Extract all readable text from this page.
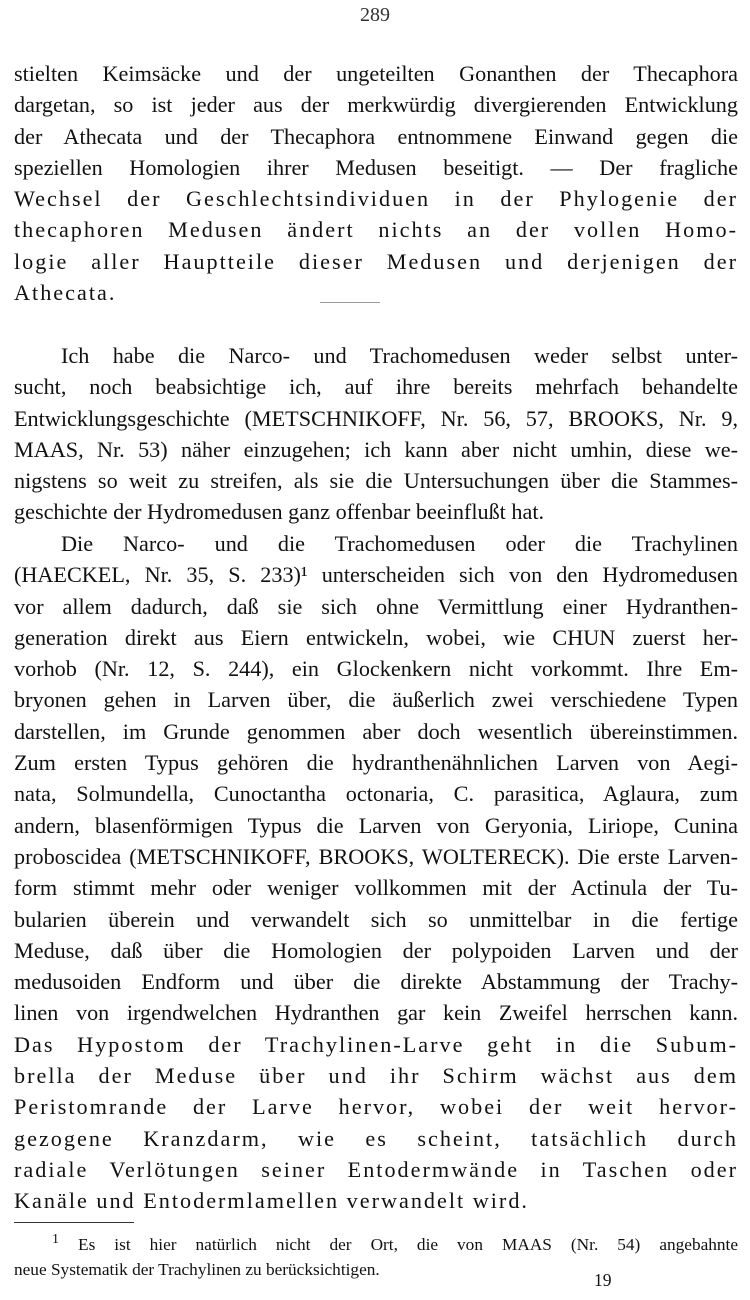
289
stielten Keimsäcke und der ungeteilten Gonanthen der Thecaphora
dargetan, so ist jeder aus der merkwürdig divergierenden Entwicklung
der Athecata und der Thecaphora entnommene Einwand gegen die
speziellen Homologien ihrer Medusen beseitigt. — Der fragliche
Wechsel der Geschlechtsindividuen in der Phylogenie der
thecaphoren Medusen ändert nichts an der vollen Homo-
logie aller Hauptteile dieser Medusen und derjenigen der
Athecata.
Ich habe die Narco- und Trachomedusen weder selbst unter-
sucht, noch beabsichtige ich, auf ihre bereits mehrfach behandelte
Entwicklungsgeschichte (METSCHNIKOFF, Nr. 56, 57, BROOKS, Nr. 9,
MAAS, Nr. 53) näher einzugehen; ich kann aber nicht umhin, diese we-
nigstens so weit zu streifen, als sie die Untersuchungen über die Stammes-
geschichte der Hydromedusen ganz offenbar beeinflußt hat.
Die Narco- und die Trachomedusen oder die Trachylinen
(HAECKEL, Nr. 35, S. 233)¹ unterscheiden sich von den Hydromedusen
vor allem dadurch, daß sie sich ohne Vermittlung einer Hydranthen-
generation direkt aus Eiern entwickeln, wobei, wie CHUN zuerst her-
vorhob (Nr. 12, S. 244), ein Glockenkern nicht vorkommt. Ihre Em-
bryonen gehen in Larven über, die äußerlich zwei verschiedene Typen
darstellen, im Grunde genommen aber doch wesentlich übereinstimmen.
Zum ersten Typus gehören die hydranthenähnlichen Larven von Aegi-
nata, Solmundella, Cunoctantha octonaria, C. parasitica, Aglaura, zum
andern, blasenförmigen Typus die Larven von Geryonia, Liriope, Cunina
proboscidea (METSCHNIKOFF, BROOKS, WOLTERECK). Die erste Larven-
form stimmt mehr oder weniger vollkommen mit der Actinula der Tu-
bularien überein und verwandelt sich so unmittelbar in die fertige
Meduse, daß über die Homologien der polypoiden Larven und der
medusoiden Endform und über die direkte Abstammung der Trachy-
linen von irgendwelchen Hydranthen gar kein Zweifel herrschen kann.
Das Hypostom der Trachylinen-Larve geht in die Subum-
brella der Meduse über und ihr Schirm wächst aus dem
Peristomrande der Larve hervor, wobei der weit hervor-
gezogene Kranzdarm, wie es scheint, tatsächlich durch
radiale Verlötungen seiner Entodermwände in Taschen oder
Kanäle und Entodermlamellen verwandelt wird.
$^1$ Es ist hier natürlich nicht der Ort, die von MAAS (Nr. 54) angebahnte
neue Systematik der Trachylinen zu berücksichtigen.
19
